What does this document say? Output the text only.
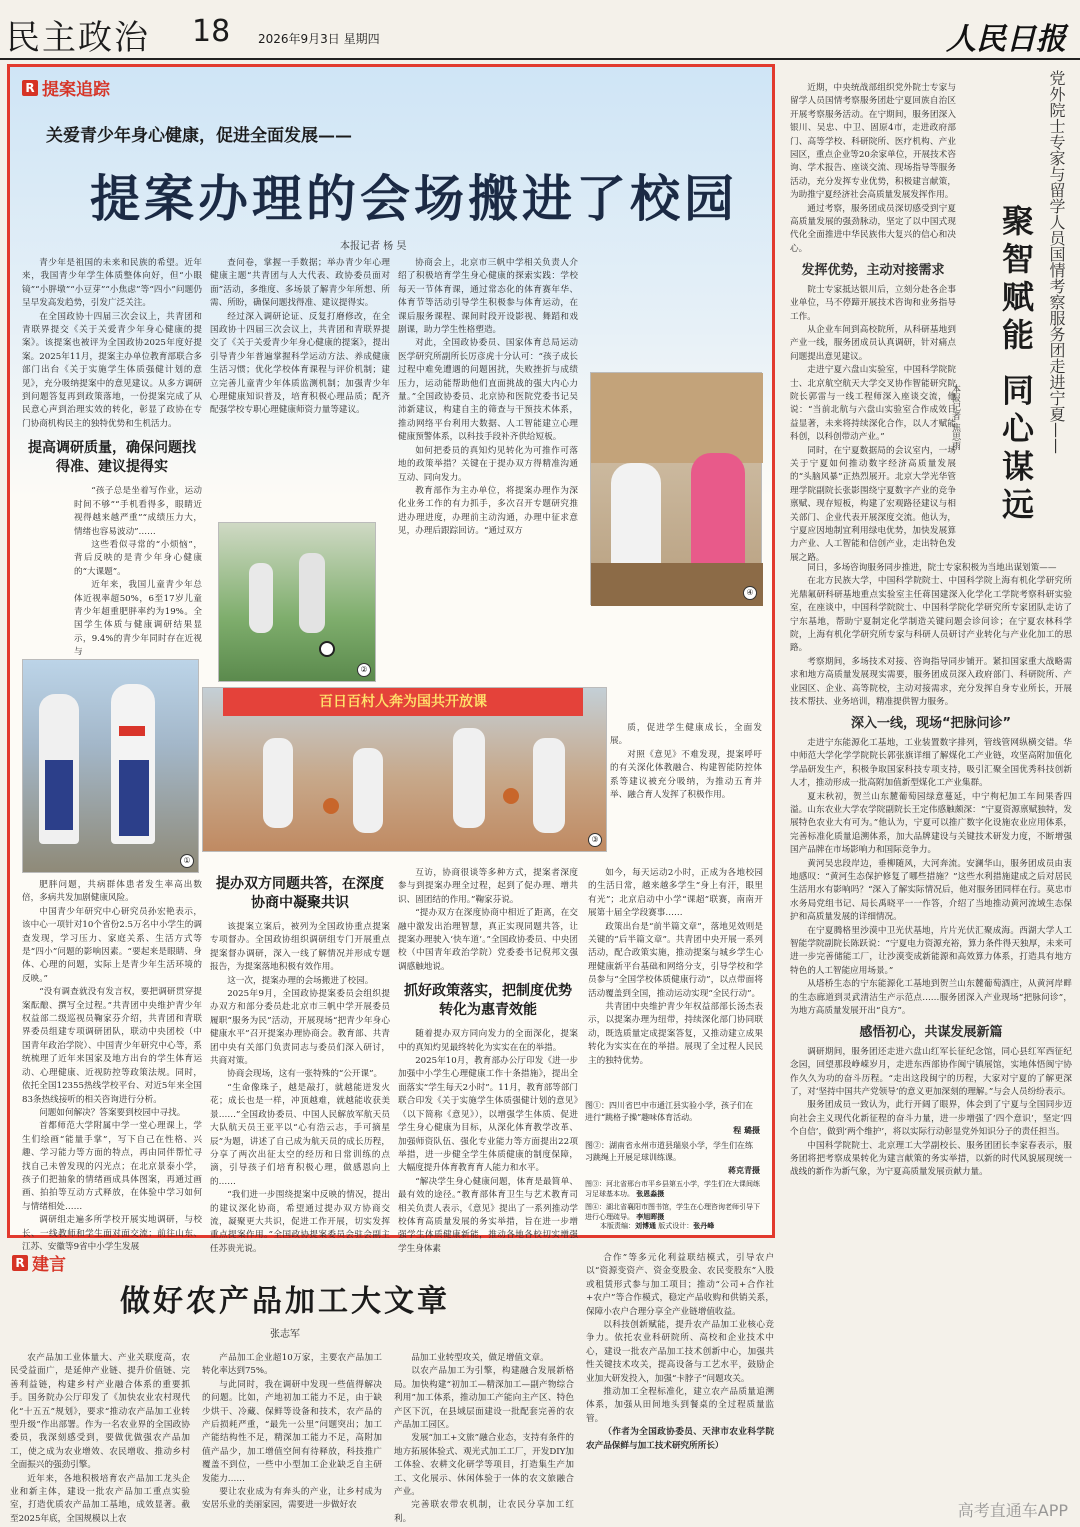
民主政治 18 2026年9月3日 星期四	人民日报
R 提案追踪
关爱青少年身心健康，促进全面发展——
提案办理的会场搬进了校园
本报记者 杨 昊

青少年是祖国的未来和民族的希望。近年来，我国青少年学生体质整体向好，但“小眼镜”“小胖墩”“小豆芽”“小焦虑”等“四小”问题仍呈早发高发趋势，引发广泛关注。

在全国政协十四届三次会议上，共青团和青联界提交《关于关爱青少年身心健康的提案》。该提案也被评为全国政协2025年度好提案。2025年11月，提案主办单位教育部联合多部门出台《关于实施学生体质强健计划的意见》，充分吸纳提案中的意见建议。从多方调研到问题答复再到政策落地，一份提案完成了从民意心声到治理实效的转化，彰显了政协在专门协商机构民主的独特优势和生机活力。

提高调研质量，确保问题找得准、建议提得实

“孩子总是坐着写作业，运动时间不够”“手机看得多，眼睛近视得越来越严重”“成绩压力大，情绪也容易波动”……

这些看似寻常的“小烦恼”，背后反映的是青少年身心健康的“大课题”。

近年来，我国儿童青少年总体近视率超50%，6至17岁儿童青少年超重肥胖率约为19%。全国学生体质与健康调研结果显示，9.4%的青少年同时存在近视与

查问卷，掌握一手数据；举办青少年心理健康主题“共青团与人大代表、政协委员面对面”活动，多维度、多场景了解青少年所想、所需、所盼，确保问题找得准、建议提得实。

经过深入调研论证、反复打磨修改，在全国政协十四届三次会议上，共青团和青联界提交了《关于关爱青少年身心健康的提案》，提出引导青少年普遍掌握科学运动方法、养成健康生活习惯；优化学校体育课程与评价机制；建立完善儿童青少年体质监测机制；加强青少年心理健康知识普及，培育积极心理品质；配齐配强学校专职心理健康师资力量等建议。

协商会上，北京市三帆中学相关负责人介绍了积极培育学生身心健康的探索实践：学校每天一节体育课，通过常态化的体育赛年华、体育节等活动引导学生积极参与体育运动，在课后服务课程、课间时段开设影视、舞蹈和戏剧课，助力学生性格塑造。

对此，全国政协委员、国家体育总局运动医学研究所副所长厉彦虎十分认可：“孩子成长过程中难免遭遇的问题困扰，失败挫折与成绩压力，运动能帮助他们直面挑战的强大内心力量。”全国政协委员、北京协和医院党委书记吴沛新建议，构建自主的筛查与干预技术体系，推动网络平台利用大数据、人工智能建立心理健康预警体系，以科技手段补齐供给短板。

如何把委员的真知灼见转化为可推作可落地的政策举措？关键在于提办双方得精准沟通互动、同向发力。

教育部作为主办单位，将提案办理作为深化业务工作的有力抓手，多次召开专题研究推进办理进度，办理前主动沟通，办理中征求意见，办理后跟踪回访。“通过双方

①
②
④
百日百村人奔为国共开放课
③

质，促进学生健康成长，全面发展。

对照《意见》不难发现，提案呼吁的有关深化体教融合、构建智能防控体系等建议被充分吸纳，为推动五育并举、融合育人发挥了积极作用。

肥胖问题，共病群体患者发生率高出数倍，多病共发加剧健康风险。

中国青少年研究中心研究员孙宏艳表示，该中心一项针对10个省份2.5万名中小学生的调查发现，学习压力、家庭关系、生活方式等是“四小”问题的影响因素。“要起来是眼睛、身体、心理的问题，实际上是青少年生活环境的反映。”

“没有调查就没有发言权，要把调研贯穿提案酝酿、撰写全过程。”共青团中央维护青少年权益部二级巡视员鞠家芬介绍，共青团和青联界委员组建专项调研团队，联动中央团校（中国青年政治学院）、中国青少年研究中心等，系统梳理了近年来国家及地方出台的学生体育运动、心理健康、近视防控等政策法规。同时，依托全国12355热线学校平台、对近5年来全国83条热线接听的相关咨询进行分析。

问题如何解决？答案要到校园中寻找。

首都师范大学附属中学一堂心理课上，学生们绘画“能量手掌”，写下自己在性格、兴趣、学习能力等方面的特点，再由同伴帮忙寻找自己未曾发现的闪光点；在北京景泰小学，孩子们把抽象的情绪画成具体图案，再通过画画、拍拍等互动方式释放，在体验中学习如何与情绪相处……

调研组走遍多所学校开展实地调研，与校长、一线教师和学生面对面交流；前往山东、江苏、安徽等9省中小学生发展

提办双方同题共答，在深度协商中凝聚共识

该提案立案后，被列为全国政协重点提案专项督办。全国政协组织调研组专门开展重点提案督办调研，深入一线了解情况并形成专题报告，为提案落地积极有效作用。

这一次，提案办理的会场搬进了校园。

2025年9月，全国政协提案委员会组织提办双方和部分委员赴北京市三帆中学开展委员履职“服务为民”活动，开展现场“把青少年身心健康水平”召开提案办理协商会。教育部、共青团中央有关部门负责同志与委员们深入研讨，共商对策。

协商会现场，这有一张特殊的“公开课”。

“生命像珠子，越是敲打，就越能迸发火花；成长也是一样，冲顶越难，就越能收获美景……”全国政协委员、中国人民解放军航天员大队航天员王亚平以“心有浩云志，手可摘星辰”为题，讲述了自己成为航天员的成长历程，分享了两次出征太空的经历和日常训练的点滴，引导孩子们培育积极心理，做感恩向上的……

“我们进一步围绕提案中反映的情况，提出的建议深化协商，希望通过提办双方协商交流，凝聚更大共识，促进工作开展，切实发挥重点提案作用。”全国政协提案委员会驻会副主任苏贵光说。

互访，协商很谈等多种方式，提案者深度参与到提案办理全过程，起到了促办理、增共识、固团结的作用。”鞠家芬说。

“提办双方在深度协商中相近了距离，在交融中激发出治理智慧，真正实现同题共答，让提案办理驶入‘快车道’。”全国政协委员、中央团校（中国青年政治学院）党委委书记倪邦文强调感触地说。

抓好政策落实，把制度优势转化为惠青效能

随着提办双方同向发力的全面深化，提案中的真知灼见最终转化为实实在在的举措。

2025年10月，教育部办公厅印发《进一步加强中小学生心理健康工作十条措施》，提出全面落实“学生每天2小时”。11月，教育部等部门联合印发《关于实施学生体质强健计划的意见》（以下简称《意见》），以增强学生体质、促进学生身心健康为目标，从深化体育教学改革、加强师资队伍、强化专业能力等方面提出22项举措，进一步健全学生体质健康的制度保障，大幅度提升体育教育育人能力和水平。

“解决学生身心健康问题，体育是最简单、最有效的途径。”教育部体育卫生与艺术教育司相关负责人表示，《意见》提出了一系列推动学校体育高质量发展的务实举措，旨在进一步增强学生体质健康新能，推动各地各校切实增强学生身体素

如今，每天运动2小时，正成为各地校园的生活日常，越来越多学生“身上有汗，眼里有光”；北京启动中小学“课超”联赛，南南开展第十届全学段赛事……

政策出台是“前半篇文章”，落地见效则是关键的“后半篇文章”。共青团中央开展一系列活动，配合政策实施，推动提案与城乡学生心理健康新平台基础和网络分支，引导学校和学员参与“全国学校体质健康行动”，以点带面将活动覆盖到全国，推动运动实现“全民行动”。

共青团中央维护青少年权益部部长汤杰表示，以提案办理为纽带，持续深化部门协同联动，既选质量定成提案答复，又推动建立成果转化为实实在在的举措。展现了全过程人民民主的独特优势。

图①：四川省巴中市通江县实验小学，孩子们在进行“跳格子操”趣味体育活动。
程 璐摄
图②：湖南省永州市道县瑞泉小学，学生们在练习跳绳上开展足球训练课。
蒋克青摄
图③：河北省邢台市平乡县第五小学，学生们在大课间练习足球基本功。 张恩淼摄
图④：湖北省襄阳市图书馆，学生在心理咨询老师引导下进行心理疏导。 李旭晖摄
本版责编：刘博通 版式设计：张丹峰
党外院士专家与留学人员国情考察服务团走进宁夏——
聚智赋能 同心谋远
本报记者 焦思雨

近期，中央统战部组织党外院士专家与留学人员国情考察服务团赴宁夏回族自治区开展考察服务活动。在宁期间，服务团深入银川、吴忠、中卫、固原4市，走进政府部门、高等学校、科研院所、医疗机构、产业园区，重点企业等20余家单位，开展技术咨询、学术报告、座谈交流、现场指导等服务活动，充分发挥专业优势，积极建言献策，为助推宁夏经济社会高质量发展发挥作用。

通过考察，服务团成员深切感受到宁夏高质量发展的强劲脉动，坚定了以中国式现代化全面推进中华民族伟大复兴的信心和决心。

发挥优势，主动对接需求

院士专家抵达银川后，立刻分赴各企事业单位，马不停蹄开展技术咨询和业务指导工作。

从企业车间到高校院所，从科研基地到产业一线，服务团成员认真调研，针对痛点问题提出意见建议。

走进宁夏六盘山实验室，中国科学院院士、北京航空航天大学交叉协作智能研究院院长郭雷与一线工程师深入座谈交流，他说：“当前北航与六盘山实验室合作成效日益显著，未来将持续深化合作，以人才赋能科创，以科创带动产业。”

同时，在宁夏数据局的会议室内，一场关于宁夏如何推动数字经济高质量发展的“头脑风暴”正热烈展开。北京大学光华管理学院副院长张影围绕宁夏数字产业的竞争禀赋、现存短板，构建了宏观路径建议与相关部门、企业代表开展深度交流。他认为，宁夏应因地制宜利用绿电优势，加快发展算力产业、人工智能和信创产业，走出特色发展之路。

同日，多场咨询服务同步推进，院士专家积极为当地出谋划策——

在北方民族大学，中国科学院院士、中国科学院上海有机化学研究所光鼎氟研科研基地重点实验室主任蒋国建深入化学化工学院考察科研实验室，在座谈中，中国科学院院士、中国科学院化学研究所专家团队走访了宁东基地，帮助宁夏制定化学制造关键问题会诊问诊；在宁夏农林科学院，上海有机化学研究所专家与科研人员研讨产业转化与产业化加工的思路。

考察期间，多场技术对接、咨询指导同步铺开。紧扣国家重大战略需求和地方高质量发展现实需要，服务团成员深入政府部门、科研院所、产业园区、企业、高等院校，主动对接需求，充分发挥自身专业所长，开展技术帮扶、业务培训，精准提供智力服务。

深入一线，现场“把脉问诊”

走进宁东能源化工基地，工业装置数字排列，管线管网纵横交错。华中师范大学化学学院院长郭张旗详细了解煤化工产业链，攻坚高附加值化学品研发生产，积极争取国家科技专项支持，吸引汇聚全国优秀科技创新人才，推动形成一批高附加值新型煤化工产业集群。

夏末秋初，贺兰山东麓葡萄园绿意蔓延，中宁枸杞加工车间果香四溢。山东农业大学农学院副院长王定伟感触颇深：“宁夏资源禀赋独特，发展特色农业大有可为。”他认为，宁夏可以推广数字化设施农业应用体系，完善标准化质量追溯体系，加大品牌建设与关键技术研发力度，不断增强国产品牌在市场影响力和国际竞争力。

黄河吴忠段岸边，垂柳随风，大河奔流。安澜华山，服务团成员由衷地感叹：“黄河生态保护修复了哪些措施？”这些水利措施建成之后对居民生活用水有影响吗？“深入了解实际情况后，他对服务团同样在行。莫忠市水务局党组书记、局长禹晓平一一作答，介绍了当地推动黄河流域生态保护和高质量发展的详细情况。

在宁夏腾格里沙漠中卫光伏基地，片片光伏汇聚成海。西湖大学人工智能学院副院长陈跃说：“宁夏电力资源充裕，算力条件得天独厚，未来可进一步完善储能工厂，让沙漠变成新能源和高效算力体系，打造具有地方特色的人工智能应用场景。”

从塔桥生态的宁东能源化工基地到贺兰山东麓葡萄酒庄，从黄河岸畔的生态廊道到灵武清洁生产示范点……服务团深入产业现场“把脉问诊”，为地方高质量发展开出“良方”。

感悟初心，共谋发展新篇

调研期间，服务团还走进六盘山红军长征纪念馆，同心县红军西征纪念园，回望那段峥嵘岁月，走进东西部协作闽宁镇展馆，实地体悟闽宁协作久久为功的奋斗历程。“走出这段闽宁的历程，大家对宁夏的了解更深了，对‘坚持中国共产党领导’的意义更加深刻的理解。”与会人员纷纷表示。

服务团成员一致认为，此行开阔了眼界，体会到了宁夏与全国同步迈向社会主义现代化新征程的奋斗力量，进一步增强了‘四个意识’，坚定‘四个自信’，做到‘两个维护’，将以实际行动彰显党外知识分子的责任担当。

中国科学院院士、北京理工大学副校长、服务团团长李家春表示，服务团将把考察成果转化为建言献策的务实举措，以新的时代风貌展现统一战线的新作为新气象，为宁夏高质量发展贡献力量。

R 建言
做好农产品加工大文章
张志军

农产品加工业体量大、产业关联度高，农民受益面广，是延伸产业链、提升价值链、完善利益链，构建乡村产业融合体系的重要抓手。国务院办公厅印发了《加快农业农村现代化“十五五”规划》，要求“推动农产品加工业转型升级”作出部署。作为一名农业界的全国政协委员，我深刻感受到，要做优做强农产品加工，使之成为农业增效、农民增收、推动乡村全面振兴的强劲引擎。

近年来，各地积极培育农产品加工龙头企业和新主体，建设一批农产品加工重点实验室，打造优质农产品加工基地，成效显著。截至2025年底，全国规模以上农

产品加工企业超10万家，主要农产品加工转化率达到75%。

与此同时，我在调研中发现一些值得解决的问题。比如，产地初加工能力不足，由于缺少烘干、冷藏、保鲜等设备和技术，农产品的产后损耗严重，“最先一公里”问题突出；加工产能结构性不足，精深加工能力不足，高附加值产品少，加工增值空间有待释放，科技推广覆盖不到位，一些中小型加工企业缺乏自主研发能力……

要让农业成为有奔头的产业，让乡村成为安居乐业的美丽家园，需要进一步做好农

品加工业转型攻关，做足增值文章。

以农产品加工为引擎，构建融合发展新格局。加快构建“初加工—精深加工—副产物综合利用”加工体系，推动加工产能向主产区、特色产区下沉，在县域层面建设一批配套完善的农产品加工园区。

发展“加工+文旅”融合业态，支持有条件的地方拓展体验式、观光式加工工厂，开发DIY加工体验、农耕文化研学等项目，打造集生产加工、文化展示、休闲体验于一体的农文旅融合产业。

完善联农带农机制，让农民分享加工红利。

合作”等多元化利益联结模式，引导农户以“资源变资产、资金变股金、农民变股东”入股或租赁形式参与加工项目；推动“公司+合作社+农户”等合作模式，稳定产品收购和供销关系，保障小农户合理分享全产业链增值收益。

以科技创新赋能，提升农产品加工业核心竞争力。依托农业科研院所、高校和企业技术中心，建设一批农产品加工技术创新中心，加强共性关键技术攻关，提高设备与工艺水平，鼓励企业加大研发投入，加强“卡脖子”问题攻关。

推动加工全程标准化，建立农产品质量追溯体系，加强从田间地头到餐桌的全过程质量监管。

（作者为全国政协委员、天津市农业科学院农产品保鲜与加工技术研究所所长）

高考直通车APP
